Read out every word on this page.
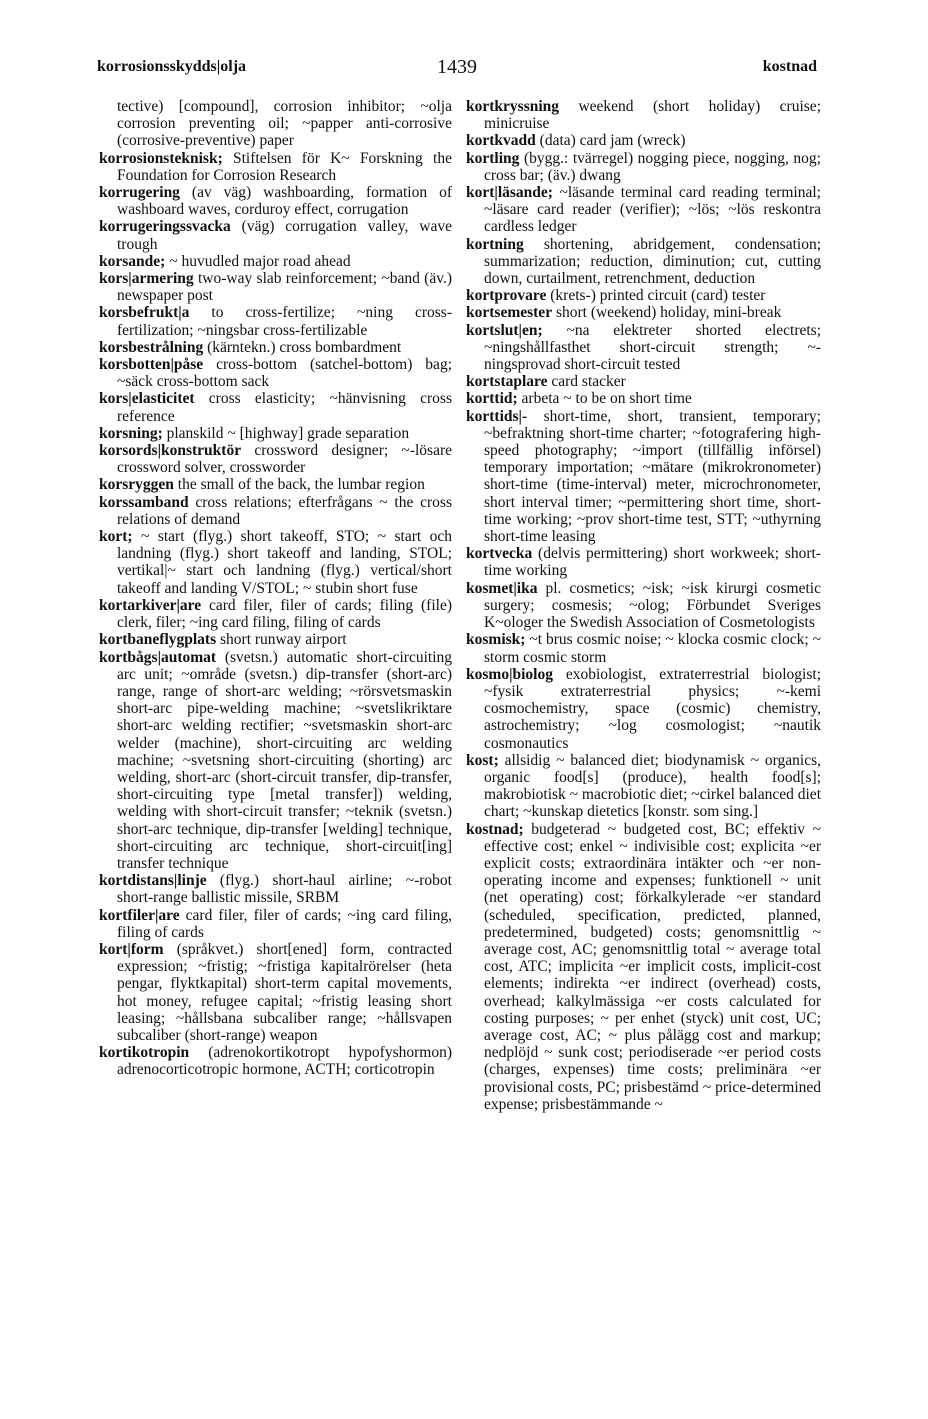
korrosionsskydds|olja	1439	kostnad

tective) [compound], corrosion inhibitor; ~olja corrosion preventing oil; ~papper anti-corrosive (corrosive-preventive) paper

korrosionsteknisk; Stiftelsen för K~ Forskning the Foundation for Corrosion Research

korrugering (av väg) washboarding, formation of washboard waves, corduroy effect, corrugation

korrugeringssvacka (väg) corrugation valley, wave trough

korsande; ~ huvudled major road ahead

kors|armering two-way slab reinforcement; ~band (äv.) newspaper post

korsbefrukt|a to cross-fertilize; ~ning cross-fertilization; ~ningsbar cross-fertilizable

korsbestrålning (kärntekn.) cross bombardment

korsbotten|påse cross-bottom (satchel-bottom) bag; ~säck cross-bottom sack

kors|elasticitet cross elasticity; ~hänvisning cross reference

korsning; planskild ~ [highway] grade separation

korsords|konstruktör crossword designer; ~-lösare crossword solver, crossworder

korsryggen the small of the back, the lumbar region

korssamband cross relations; efterfrågans ~ the cross relations of demand

kort; ~ start (flyg.) short takeoff, STO; ~ start och landning (flyg.) short takeoff and landing, STOL; vertikal|~ start och landning (flyg.) vertical/short takeoff and landing V/STOL; ~ stubin short fuse

kortarkiver|are card filer, filer of cards; filing (file) clerk, filer; ~ing card filing, filing of cards

kortbaneflygplats short runway airport

kortbågs|automat (svetsn.) automatic short-circuiting arc unit; ~område (svetsn.) dip-transfer (short-arc) range, range of short-arc welding; ~rörsvetsmaskin short-arc pipe-welding machine; ~svetslikriktare short-arc welding rectifier; ~svetsmaskin short-arc welder (machine), short-circuiting arc welding machine; ~svetsning short-circuiting (shorting) arc welding, short-arc (short-circuit transfer, dip-transfer, short-circuiting type [metal transfer]) welding, welding with short-circuit transfer; ~teknik (svetsn.) short-arc technique, dip-transfer [welding] technique, short-circuiting arc technique, short-circuit[ing] transfer technique

kortdistans|linje (flyg.) short-haul airline; ~-robot short-range ballistic missile, SRBM

kortfiler|are card filer, filer of cards; ~ing card filing, filing of cards

kort|form (språkvet.) short[ened] form, contracted expression; ~fristig; ~fristiga kapitalrörelser (heta pengar, flyktkapital) short-term capital movements, hot money, refugee capital; ~fristig leasing short leasing; ~hållsbana subcaliber range; ~hållsvapen subcaliber (short-range) weapon

kortikotropin (adrenokortikotropt hypofyshormon) adrenocorticotropic hormone, ACTH; corticotropin

kortkryssning weekend (short holiday) cruise; minicruise

kortkvadd (data) card jam (wreck)

kortling (bygg.: tvärregel) nogging piece, nogging, nog; cross bar; (äv.) dwang

kort|läsande; ~läsande terminal card reading terminal; ~läsare card reader (verifier); ~lös; ~lös reskontra cardless ledger

kortning shortening, abridgement, condensation; summarization; reduction, diminution; cut, cutting down, curtailment, retrenchment, deduction

kortprovare (krets-) printed circuit (card) tester

kortsemester short (weekend) holiday, mini-break

kortslut|en; ~na elektreter shorted electrets; ~ningshållfasthet short-circuit strength; ~-ningsprovad short-circuit tested

kortstaplare card stacker

korttid; arbeta ~ to be on short time

korttids|- short-time, short, transient, temporary; ~befraktning short-time charter; ~fotografering high-speed photography; ~import (tillfällig införsel) temporary importation; ~mätare (mikrokronometer) short-time (time-interval) meter, microchronometer, short interval timer; ~permittering short time, short-time working; ~prov short-time test, STT; ~uthyrning short-time leasing

kortvecka (delvis permittering) short workweek; short-time working

kosmet|ika pl. cosmetics; ~isk; ~isk kirurgi cosmetic surgery; cosmesis; ~olog; Förbundet Sveriges K~ologer the Swedish Association of Cosmetologists

kosmisk; ~t brus cosmic noise; ~ klocka cosmic clock; ~ storm cosmic storm

kosmo|biolog exobiologist, extraterrestrial biologist; ~fysik extraterrestrial physics; ~-kemi cosmochemistry, space (cosmic) chemistry, astrochemistry; ~log cosmologist; ~nautik cosmonautics

kost; allsidig ~ balanced diet; biodynamisk ~ organics, organic food[s] (produce), health food[s]; makrobiotisk ~ macrobiotic diet; ~cirkel balanced diet chart; ~kunskap dietetics [konstr. som sing.]

kostnad; budgeterad ~ budgeted cost, BC; effektiv ~ effective cost; enkel ~ indivisible cost; explicita ~er explicit costs; extraordinära intäkter och ~er non-operating income and expenses; funktionell ~ unit (net operating) cost; förkalkylerade ~er standard (scheduled, specification, predicted, planned, predetermined, budgeted) costs; genomsnittlig ~ average cost, AC; genomsnittlig total ~ average total cost, ATC; implicita ~er implicit costs, implicit-cost elements; indirekta ~er indirect (overhead) costs, overhead; kalkylmässiga ~er costs calculated for costing purposes; ~ per enhet (styck) unit cost, UC; average cost, AC; ~ plus pålägg cost and markup; nedplöjd ~ sunk cost; periodiserade ~er period costs (charges, expenses) time costs; preliminära ~er provisional costs, PC; prisbestämd ~ price-determined expense; prisbestämmande ~
